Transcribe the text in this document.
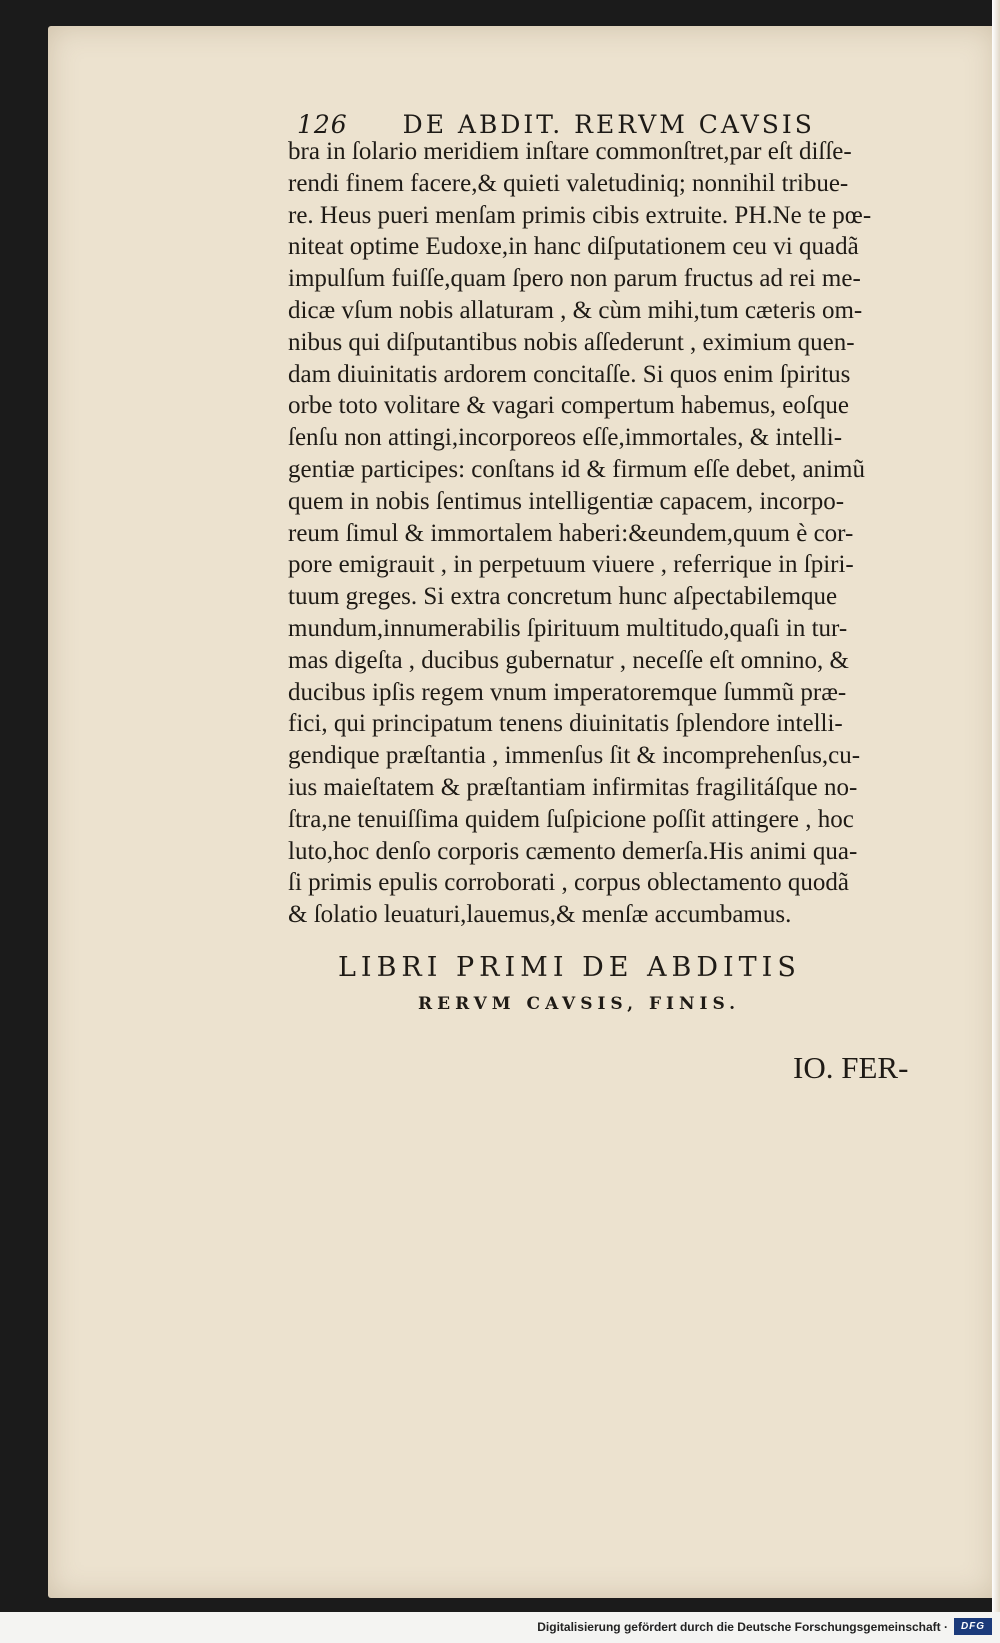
126 DE ABDIT. RERVM CAVSIS
bra in ſolario meridiem inſtare commonſtret,par eſt diſſe-
rendi finem facere,& quieti valetudiniq; nonnihil tribue-
re. Heus pueri menſam primis cibis extruite. PH.Ne te pœ-
niteat optime Eudoxe,in hanc diſputationem ceu vi quadã
impulſum fuiſſe,quam ſpero non parum fructus ad rei me-
dicæ vſum nobis allaturam , & cùm mihi,tum cæteris om-
nibus qui diſputantibus nobis aſſederunt , eximium quen-
dam diuinitatis ardorem concitaſſe. Si quos enim ſpiritus
orbe toto volitare & vagari compertum habemus, eoſque
ſenſu non attingi,incorporeos eſſe,immortales, & intelli-
gentiæ participes: conſtans id & firmum eſſe debet, animũ
quem in nobis ſentimus intelligentiæ capacem, incorpo-
reum ſimul & immortalem haberi:&eundem,quum è cor-
pore emigrauit , in perpetuum viuere , referrique in ſpiri-
tuum greges. Si extra concretum hunc aſpectabilemque
mundum,innumerabilis ſpirituum multitudo,quaſi in tur-
mas digeſta , ducibus gubernatur , neceſſe eſt omnino, &
ducibus ipſis regem vnum imperatoremque ſummũ præ-
fici, qui principatum tenens diuinitatis ſplendore intelli-
gendique præſtantia , immenſus ſit & incomprehenſus,cu-
ius maieſtatem & præſtantiam infirmitas fragilitáſque no-
ſtra,ne tenuiſſima quidem ſuſpicione poſſit attingere , hoc
luto,hoc denſo corporis cæmento demerſa.His animi qua-
ſi primis epulis corroborati , corpus oblectamento quodã
& ſolatio leuaturi,lauemus,& menſæ accumbamus.
LIBRI PRIMI DE ABDITIS
RERVM CAVSIS, FINIS.
IO. FER-
Digitalisierung gefördert durch die Deutsche Forschungsgemeinschaft ·	DFG
